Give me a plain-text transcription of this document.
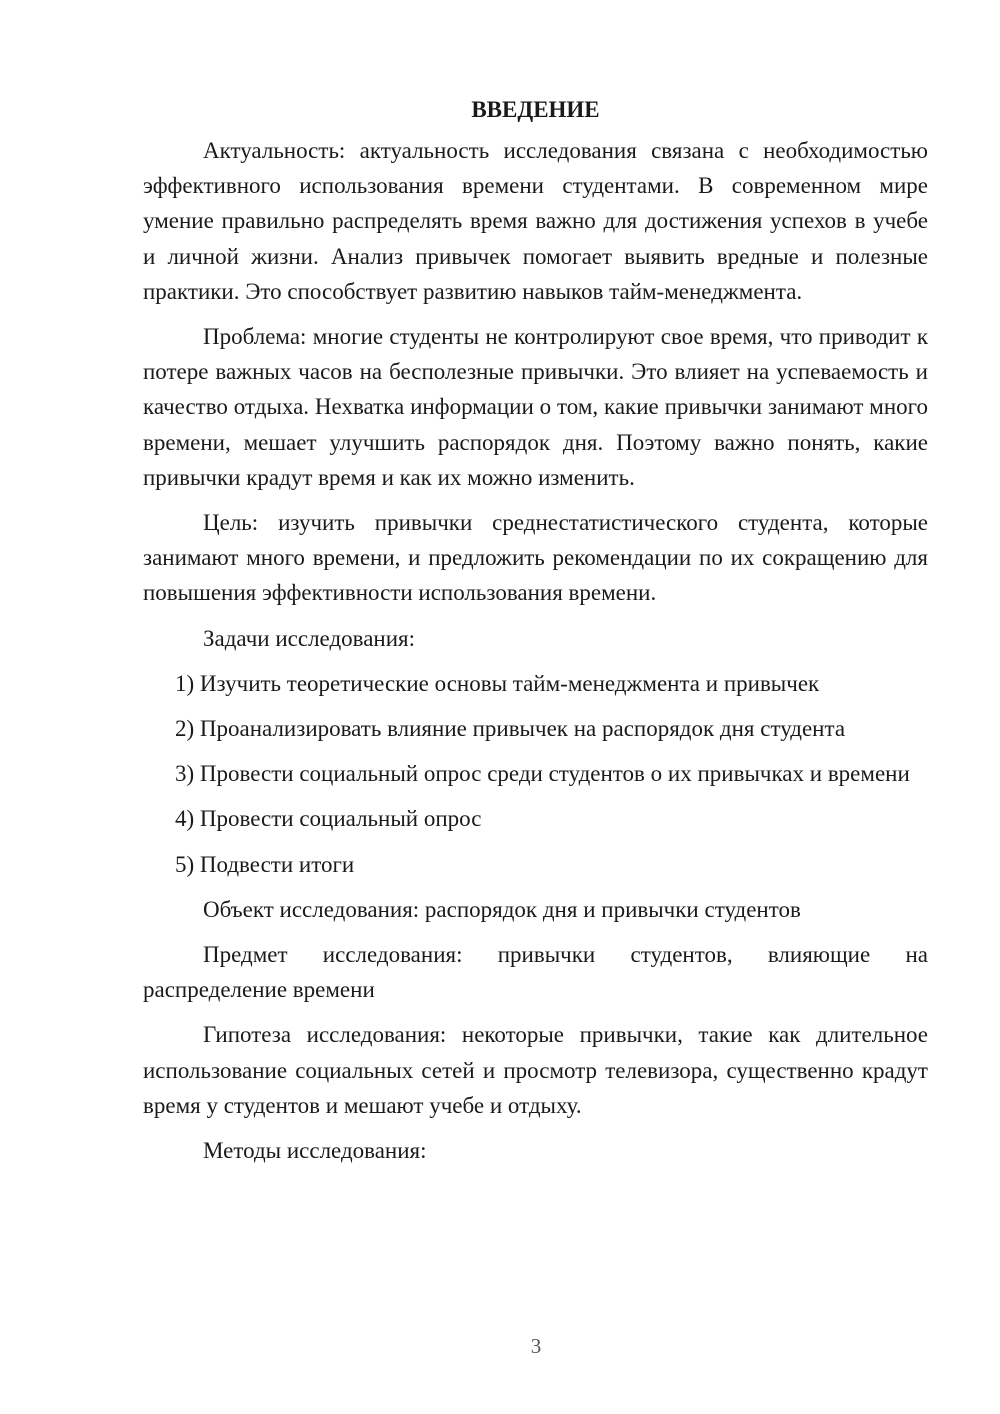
ВВЕДЕНИЕ

Актуальность: актуальность исследования связана с необходимостью эффективного использования времени студентами. В современном мире умение правильно распределять время важно для достижения успехов в учебе и личной жизни. Анализ привычек помогает выявить вредные и полезные практики. Это способствует развитию навыков тайм-менеджмента.

Проблема: многие студенты не контролируют свое время, что приводит к потере важных часов на бесполезные привычки. Это влияет на успеваемость и качество отдыха. Нехватка информации о том, какие привычки занимают много времени, мешает улучшить распорядок дня. Поэтому важно понять, какие привычки крадут время и как их можно изменить.

Цель: изучить привычки среднестатистического студента, которые занимают много времени, и предложить рекомендации по их сокращению для повышения эффективности использования времени.

Задачи исследования:

1) Изучить теоретические основы тайм-менеджмента и привычек

2) Проанализировать влияние привычек на распорядок дня студента

3) Провести социальный опрос среди студентов о их привычках и времени

4) Провести социальный опрос

5) Подвести итоги

Объект исследования: распорядок дня и привычки студентов

Предмет исследования: привычки студентов, влияющие на распределение времени

Гипотеза исследования: некоторые привычки, такие как длительное использование социальных сетей и просмотр телевизора, существенно крадут время у студентов и мешают учебе и отдыху.

Методы исследования:

3
